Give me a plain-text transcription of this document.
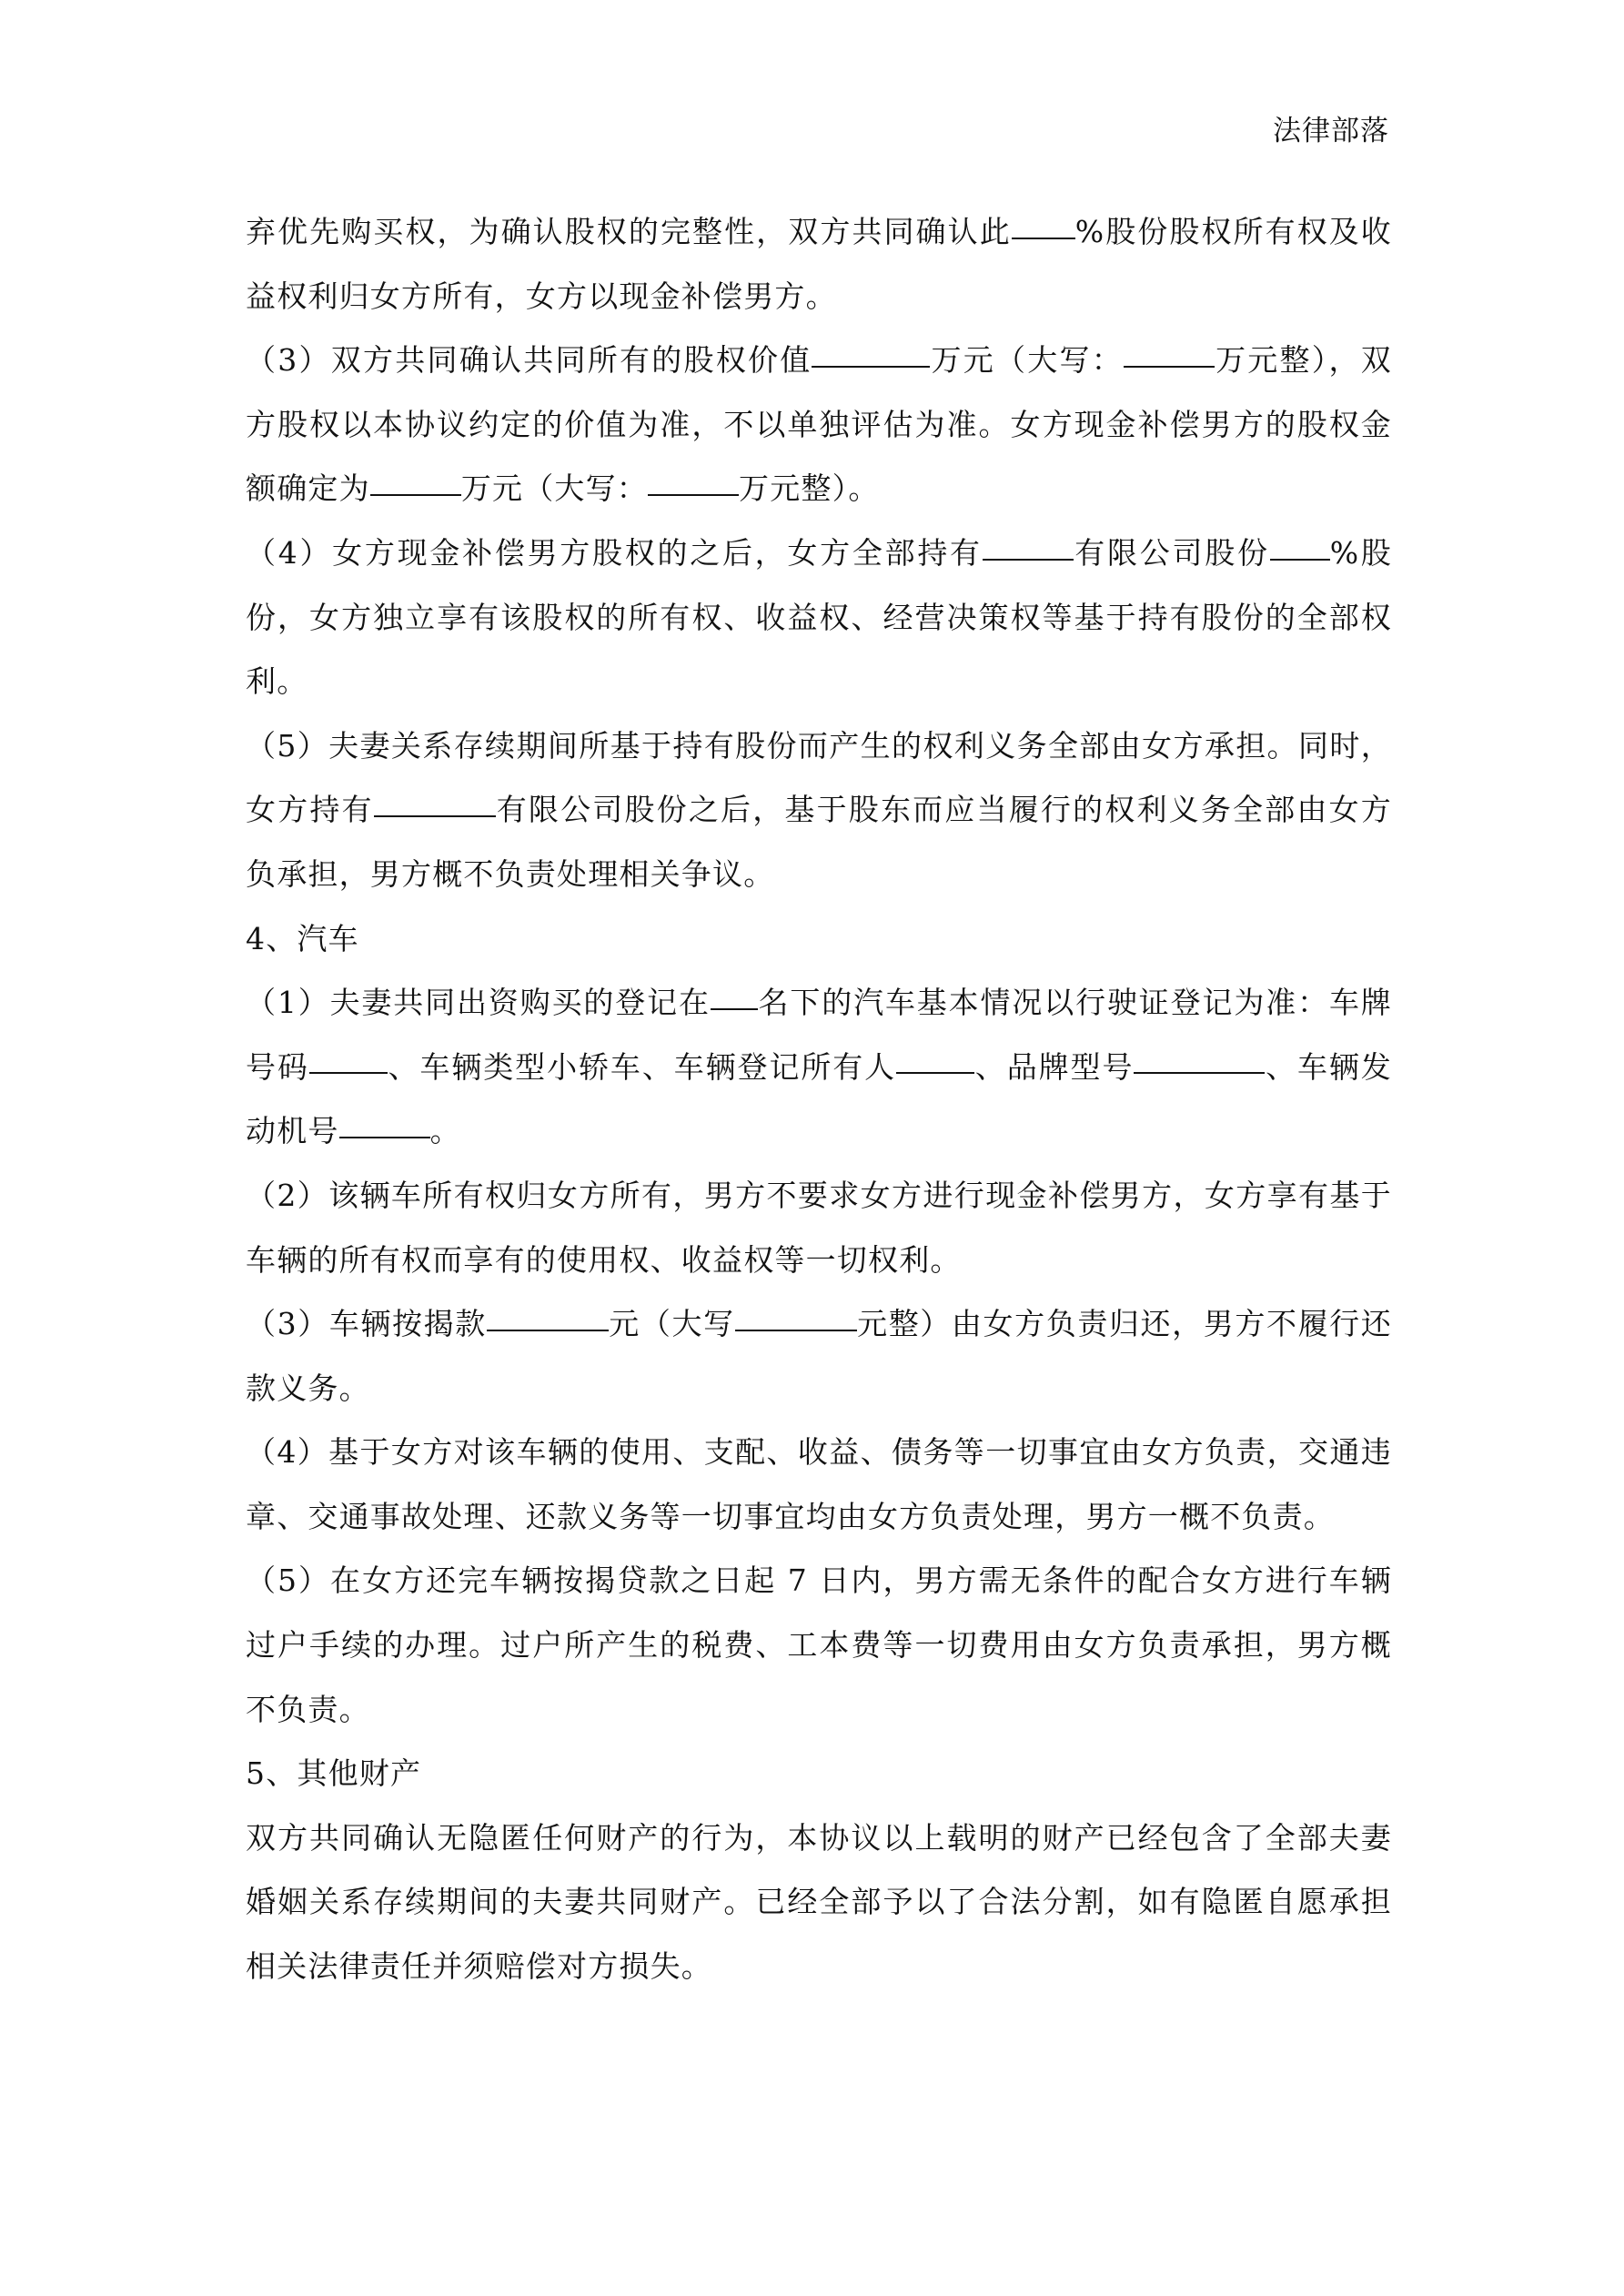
法律部落

弃优先购买权，为确认股权的完整性，双方共同确认此 %股份股权所有权及收益权利归女方所有，女方以现金补偿男方。

（3）双方共同确认共同所有的股权价值	万元（大写：	万元整），双方股权以本协议约定的价值为准，不以单独评估为准。女方现金补偿男方的股权金额确定为	万元（大写：	万元整）。

（4）女方现金补偿男方股权的之后，女方全部持有	有限公司股份 %股份，女方独立享有该股权的所有权、收益权、经营决策权等基于持有股份的全部权利。

（5）夫妻关系存续期间所基于持有股份而产生的权利义务全部由女方承担。同时，女方持有	有限公司股份之后，基于股东而应当履行的权利义务全部由女方负承担，男方概不负责处理相关争议。

4、汽车

（1）夫妻共同出资购买的登记在 名下的汽车基本情况以行驶证登记为准：车牌号码	、车辆类型小轿车、车辆登记所有人	、品牌型号	、车辆发动机号	。

（2）该辆车所有权归女方所有，男方不要求女方进行现金补偿男方，女方享有基于车辆的所有权而享有的使用权、收益权等一切权利。

（3）车辆按揭款	元（大写	元整）由女方负责归还，男方不履行还款义务。

（4）基于女方对该车辆的使用、支配、收益、债务等一切事宜由女方负责，交通违章、交通事故处理、还款义务等一切事宜均由女方负责处理，男方一概不负责。

（5）在女方还完车辆按揭贷款之日起 7 日内，男方需无条件的配合女方进行车辆过户手续的办理。过户所产生的税费、工本费等一切费用由女方负责承担，男方概不负责。

5、其他财产

双方共同确认无隐匿任何财产的行为，本协议以上载明的财产已经包含了全部夫妻婚姻关系存续期间的夫妻共同财产。已经全部予以了合法分割，如有隐匿自愿承担相关法律责任并须赔偿对方损失。
